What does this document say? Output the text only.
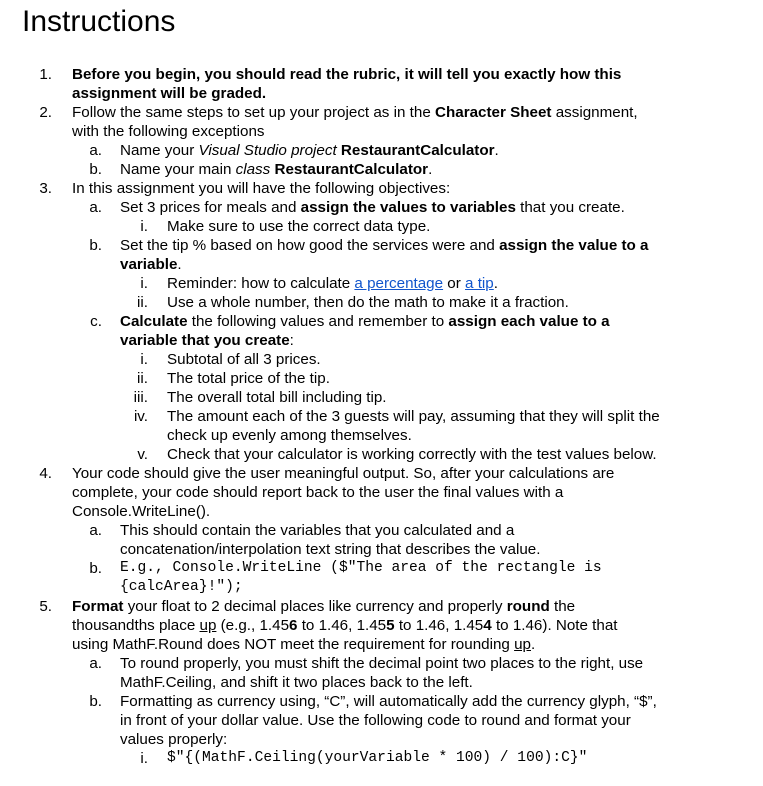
Instructions
1. Before you begin, you should read the rubric, it will tell you exactly how this
assignment will be graded.
2. Follow the same steps to set up your project as in the Character Sheet assignment,
with the following exceptions
a. Name your Visual Studio project RestaurantCalculator.
b. Name your main class RestaurantCalculator.
3. In this assignment you will have the following objectives:
a. Set 3 prices for meals and assign the values to variables that you create.
i. Make sure to use the correct data type.
b. Set the tip % based on how good the services were and assign the value to a
variable.
i. Reminder: how to calculate a percentage or a tip.
ii. Use a whole number, then do the math to make it a fraction.
c. Calculate the following values and remember to assign each value to a
variable that you create:
i. Subtotal of all 3 prices.
ii. The total price of the tip.
iii. The overall total bill including tip.
iv. The amount each of the 3 guests will pay, assuming that they will split the
check up evenly among themselves.
v. Check that your calculator is working correctly with the test values below.
4. Your code should give the user meaningful output. So, after your calculations are
complete, your code should report back to the user the final values with a
Console.WriteLine().
a. This should contain the variables that you calculated and a
concatenation/interpolation text string that describes the value.
b. E.g., Console.WriteLine ($"The area of the rectangle is
{calcArea}!");
5. Format your float to 2 decimal places like currency and properly round the
thousandths place up (e.g., 1.456 to 1.46, 1.455 to 1.46, 1.454 to 1.46). Note that
using MathF.Round does NOT meet the requirement for rounding up.
a. To round properly, you must shift the decimal point two places to the right, use
MathF.Ceiling, and shift it two places back to the left.
b. Formatting as currency using, “C”, will automatically add the currency glyph, “$”,
in front of your dollar value. Use the following code to round and format your
values properly:
i. $"{(MathF.Ceiling(yourVariable * 100) / 100):C}"
